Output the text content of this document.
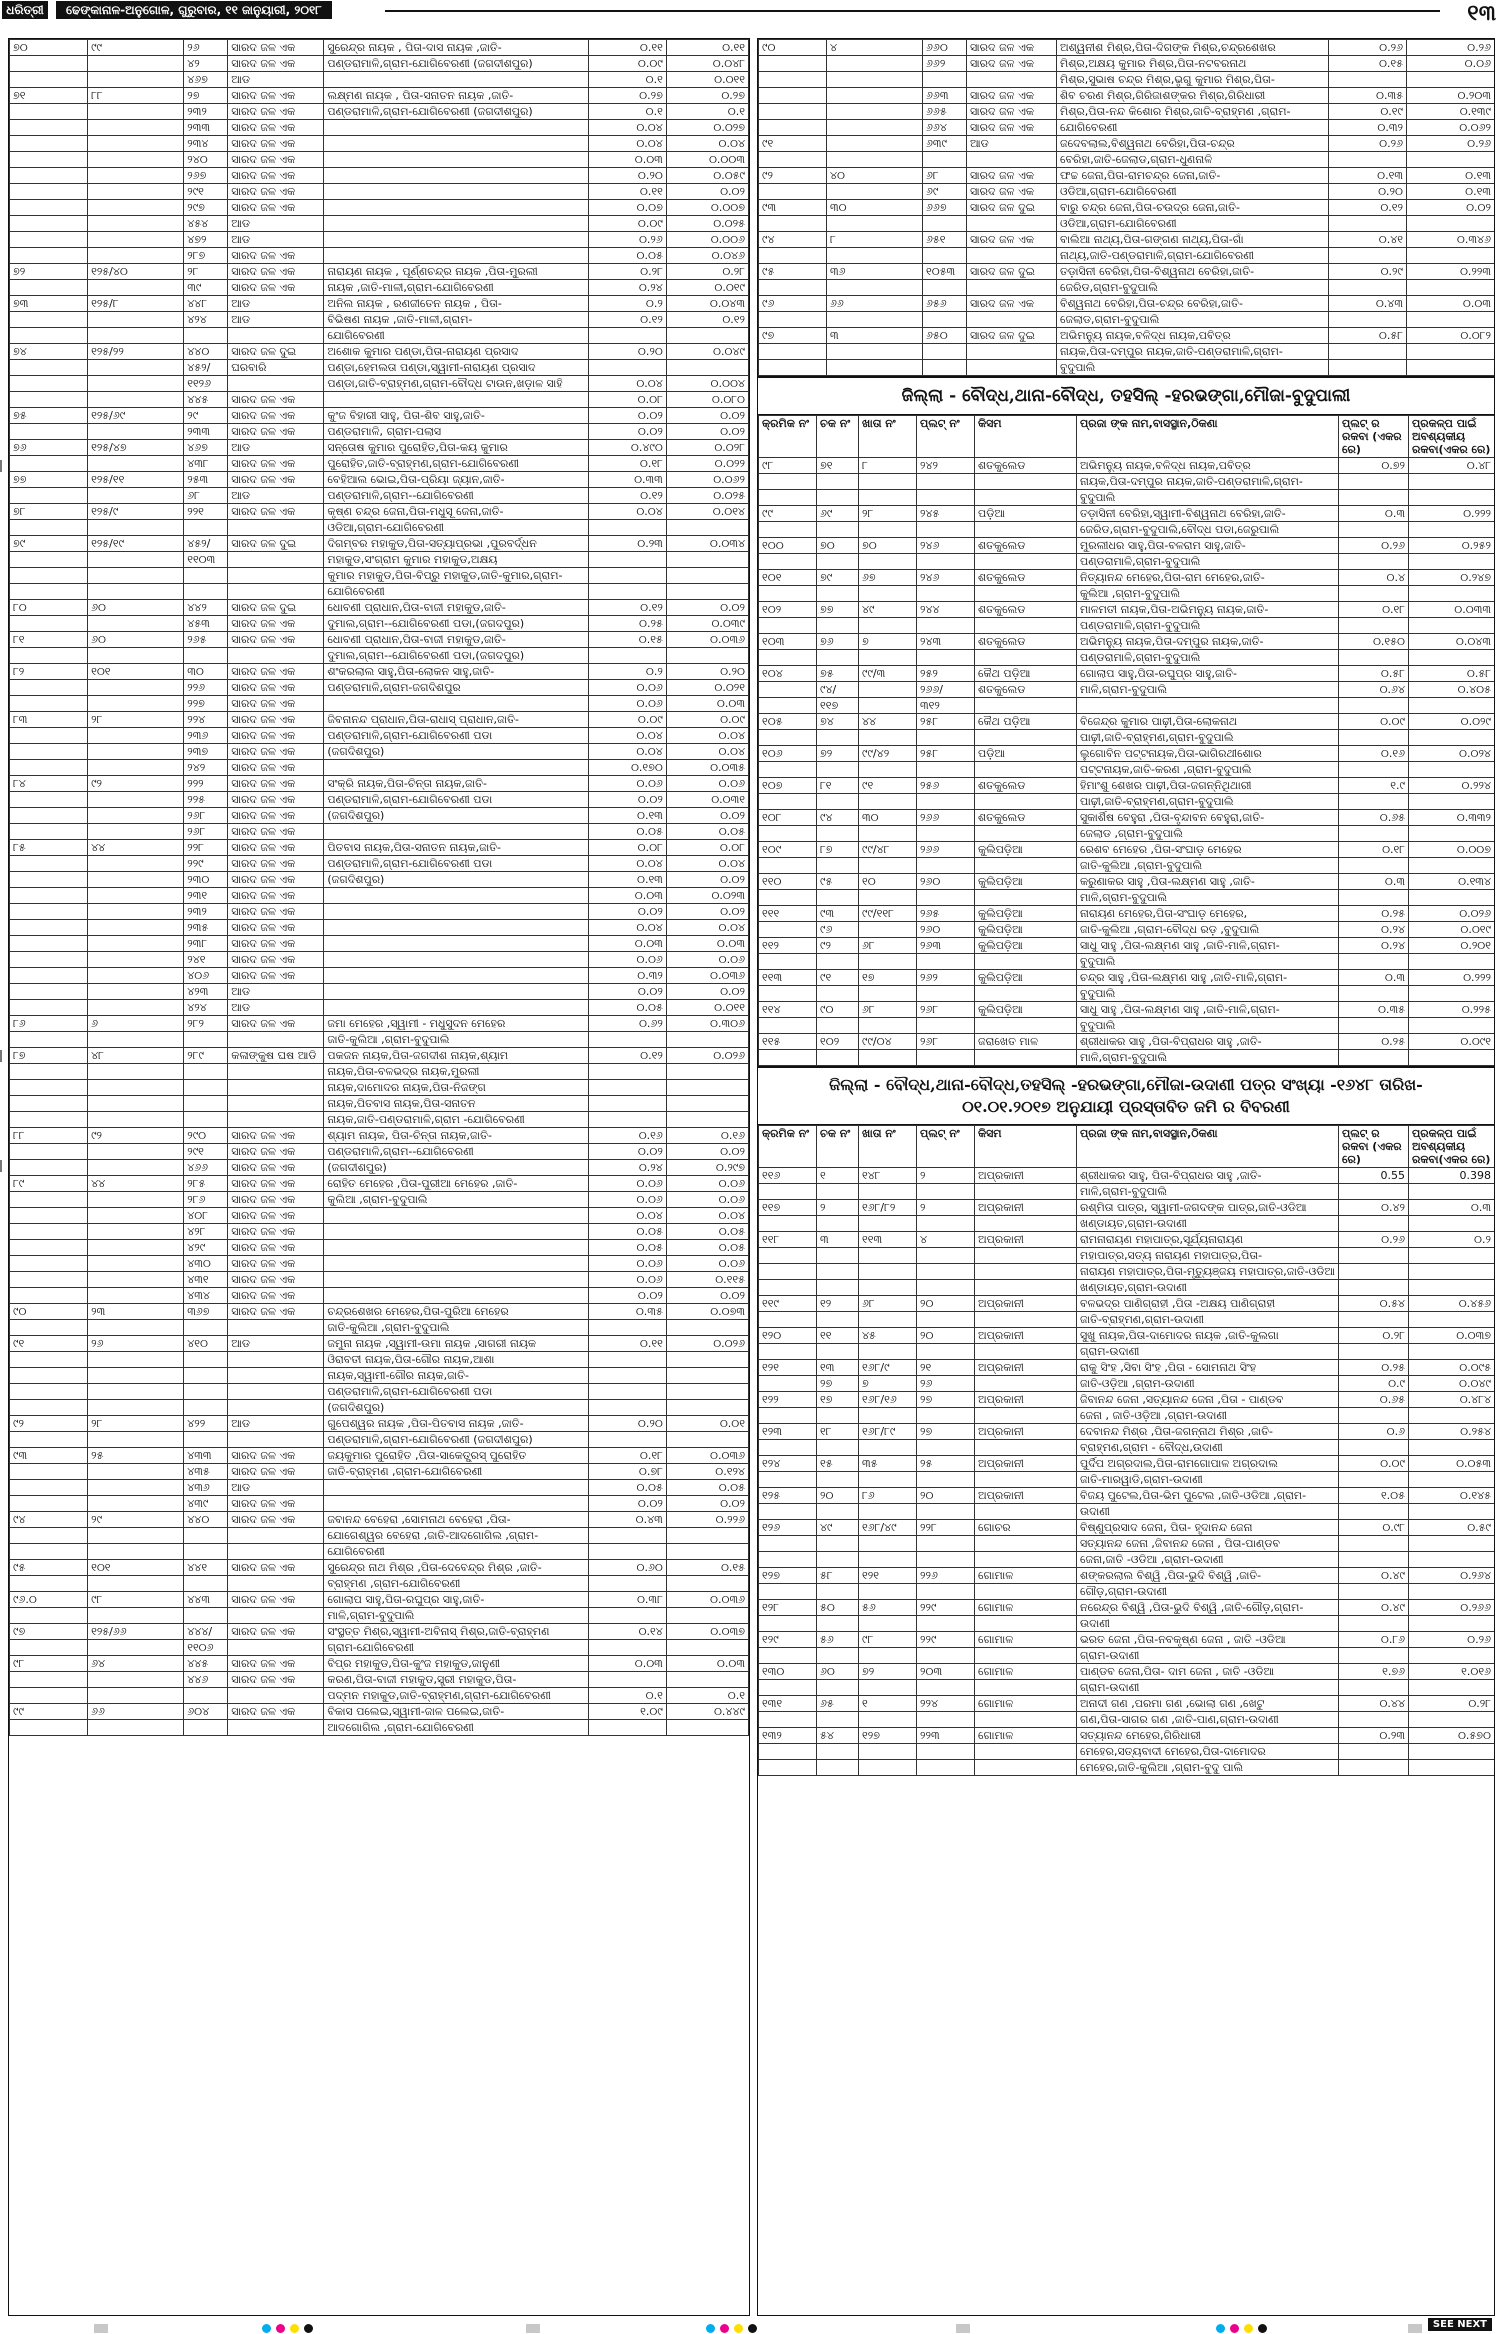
ଧରିତ୍ରୀ	ଢେଙ୍କାନାଳ-ଅନୁଗୋଳ, ଗୁରୁବାର, ୧୧ ଜାନୁୟାରୀ, ୨୦୧୮	୧୩
୭୦	୯୯	୨୬	ସାରଦ ଜଳ ଏକ	ସୁରେନ୍ଦ୍ର ନାୟକ , ପିତା-ଦାସ ନାୟକ ,ଜାତି-	୦.୧୧	୦.୧୧
		୪୨	ସାରଦ ଜଳ ଏକ	ପଣ୍ଡରାମାଳି,ଗ୍ରାମ-ଯୋଗିବେରଣୀ (ଜଗଦୀଶପୁର)	୦.୦୯	୦.୦୪୮
		୪୬୭	ଆଡ		୦.୧	୦.୦୧୧
୭୧	୮୮	୨୭	ସାରଦ ଜଳ ଏକ	ଲକ୍ଷ୍ମଣ ନାୟକ , ପିତା-ସନାତନ ନାୟକ ,ଜାତି-	୦.୨୭	୦.୨୭
		୨୩୨	ସାରଦ ଜଳ ଏକ	ପଣ୍ଡରାମାଳି,ଗ୍ରାମ-ଯୋଗିବେରଣୀ (ଜଗଦୀଶପୁର)	୦.୧	୦.୧
		୨୩୩	ସାରଦ ଜଳ ଏକ		୦.୦୪	୦.୦୨୭
		୨୩୪	ସାରଦ ଜଳ ଏକ		୦.୦୪	୦.୦୪
		୨୪୦	ସାରଦ ଜଳ ଏକ		୦.୦୩	୦.୦୦୩
		୨୬୭	ସାରଦ ଜଳ ଏକ		୦.୨୦	୦.୦୫୯
		୨୯୧	ସାରଦ ଜଳ ଏକ		୦.୧୧	୦.୦୨
		୨୯୭	ସାରଦ ଜଳ ଏକ		୦.୦୭	୦.୦୦୭
		୪୫୪	ଆଡ		୦.୦୯	୦.୦୨୫
		୪୭୨	ଆଡ		୦.୨୬	୦.୦୦୬
		୨୮୭	ସାରଦ ଜଳ ଏକ		୦.୦୫	୦.୦୪୬
୭୨	୧୨୫/୪୦	୨୮	ସାରଦ ଜଳ ଏକ	ନାରାୟଣ ନାୟକ , ପୂର୍ଣ୍ଣଚନ୍ଦ୍ର ନାୟକ ,ପିତା-ମୁରଲୀ	୦.୨୮	୦.୨୮
		୩୯	ସାରଦ ଜଳ ଏକ	ନାୟକ ,ଜାତି-ମାଳୀ,ଗ୍ରାମ-ଯୋଗିବେରଣୀ	୦.୨୪	୦.୦୧୯
୭୩	୧୨୫/୮	୪୪୮	ଆଡ	ଅନିଲ ନାୟକ , ରଣଜୀତେନ ନାୟକ , ପିତା-	୦.୨	୦.୦୪୩
		୪୨୪	ଆଡ	ବିଭିଷଣ ନାୟକ ,ଜାତି-ମାଳୀ,ଗ୍ରାମ-	୦.୧୨	୦.୧୨
				ଯୋଗିବେରଣୀ		
୭୪	୧୨୫/୨୨	୪୪୦	ସାରଦ ଜଳ ଦୁଇ	ଅଶୋକ କୁମାର ପଣ୍ଡା,ପିତା-ନାରାୟଣ ପ୍ରସାଦ	୦.୨୦	୦.୦୪୯
		୪୫୨/	ଘରବାରି	ପଣ୍ଡା,ହେମଲତା ପଣ୍ଡା,ସ୍ୱାମୀ-ନାରାୟଣ ପ୍ରସାଦ		
		୧୧୨୬		ପଣ୍ଡା,ଜାତି-ବ୍ରାହ୍ମଣ,ଗ୍ରାମ-ବୌଦ୍ଧ ଟାଉନ,ଖଡ଼ାଳ ସାହି	୦.୦୪	୦.୦୦୪
		୪୪୫	ସାରଦ ଜଳ ଏକ		୦.୦୮	୦.୦୮୦
୭୫	୧୨୫/୬୯	୨୯	ସାରଦ ଜଳ ଏକ	କୁଂଜ ବିହାରୀ ସାହୁ, ପିତା-ଶିବ ସାହୁ,ଜାତି-	୦.୦୨	୦.୦୨
		୨୩୩	ସାରଦ ଜଳ ଏକ	ପଣ୍ଡରାମାଳି, ଗ୍ରାମ-ପଲାସ	୦.୦୨	୦.୦୨
୭୬	୧୨୫/୪୭	୪୬୭	ଆଡ	ସନ୍ତୋଷ କୁମାର ପୁରୋହିତ,ପିତା-କୟ କୁମାର	୦.୪୯୦	୦.୦୨୮
		୪୩୮	ସାରଦ ଜଳ ଏକ	ପୁରୋହିତ,ଜାତି-ବ୍ରାହ୍ମଣ,ଗ୍ରାମ-ଯୋଗିବେରଣୀ	୦.୧୮	୦.୦୨୨
୭୭	୧୨୫/୧୧	୨୫୩	ସାରଦ ଜଳ ଏକ	ବେହିଆଲ ଭୋଇ,ପିତା-ପ୍ରିୟା ଜ୍ୟାନ,ଜାତି-	୦.୩୩	୦.୦୬୨
		୬୮	ଆଡ	ପଣ୍ଡରାମାଳି,ଗ୍ରାମ--ଯୋଗିବେରଣୀ	୦.୧୨	୦.୦୨୫
୭୮	୧୨୫/୯	୨୨୧	ସାରଦ ଜଳ ଏକ	କୃଷ୍ଣ ଚନ୍ଦ୍ର ଜେନା,ପିତା-ମଧୁସୂ ଜେନା,ଜାତି-	୦.୦୪	୦.୦୧୪
				ଓଡିଆ,ଗ୍ରାମ-ଯୋଗିବେରଣୀ		
୭୯	୧୨୫/୧୯	୪୫୨/	ସାରଦ ଜଳ ଦୁଇ	ଦିଗମ୍ବର ମହାକୁଡ,ପିତା-ସତ୍ୟାପ୍ରଭା ,ପୁରବର୍ଦ୍ଧନ	୦.୨୩	୦.୦୩୪
		୧୧୦୩		ମହାକୁଡ,ସଂଗ୍ରାମ କୁମାର ମହାକୁଡ,ଅକ୍ଷୟ		
				କୁମାର ମହାକୁଡ,ପିତା-ବିପ୍ରୁ ମହାକୁଡ,ଜାତି-କୁମାର,ଗ୍ରାମ-		
				ଯୋଗିବେରଣୀ		
୮୦	୬୦	୪୪୨	ସାରଦ ଜଳ ଦୁଇ	ଧୋବଣୀ ପ୍ରାଧାନ,ପିତା-ବାଜୀ ମହାକୁଡ,ଜାତି-	୦.୧୨	୦.୦୨
		୪୫୩	ସାରଦ ଜଳ ଏକ	ଦୁମାଲ,ଗ୍ରାମ--ଯୋଗିବେରଣୀ ପଡା,(ଜଗଦପୁର)	୦.୨୫	୦.୦୩୯
୮୧	୬୦	୨୬୫	ସାରଦ ଜଳ ଏକ	ଧୋବଣୀ ପ୍ରାଧାନ,ପିତା-ବାଜୀ ମହାକୁଡ,ଜାତି-	୦.୧୫	୦.୦୩୬
				ଦୁମାଲ,ଗ୍ରାମ--ଯୋଗିବେରଣୀ ପଡା,(ଜଗଦପୁର)		
୮୨	୧୦୧	୩୦	ସାରଦ ଜଳ ଏକ	ଶଂକରଲାଲ ସାହୁ,ପିତା-ଲୋକନ ସାହୁ,ଜାତି-	୦.୨	୦.୨୦
		୨୨୬	ସାରଦ ଜଳ ଏକ	ପଣ୍ଡରାମାଳି,ଗ୍ରାମ-ଜଗଦିଶପୁର	୦.୦୬	୦.୦୨୧
		୨୨୭	ସାରଦ ଜଳ ଏକ		୦.୦୬	୦.୦୩
୮୩	୨୮	୨୨୪	ସାରଦ ଜଳ ଏକ	ଜିବନାନନ୍ଦ ପ୍ରାଧାନ,ପିତା-ରାଧାସ୍ ପ୍ରାଧାନ,ଜାତି-	୦.୦୯	୦.୦୯
		୨୩୬	ସାରଦ ଜଳ ଏକ	ପଣ୍ଡରାମାଳି,ଗ୍ରାମ-ଯୋଗିବେରଣୀ ପଡା	୦.୦୪	୦.୦୪
		୨୩୭	ସାରଦ ଜଳ ଏକ	(ଜଗଦିଶପୁର)	୦.୦୪	୦.୦୪
		୨୪୨	ସାରଦ ଜଳ ଏକ		୦.୧୭୦	୦.୦୩୫
୮୪	୯୨	୨୨୨	ସାରଦ ଜଳ ଏକ	ସଂକ୍ରି ନାୟକ,ପିତା-ଚିନ୍ତା ନାୟକ,ଜାତି-	୦.୦୬	୦.୦୬
		୨୨୫	ସାରଦ ଜଳ ଏକ	ପଣ୍ଡରାମାଳି,ଗ୍ରାମ-ଯୋଗିବେରଣୀ ପଡା	୦.୦୨	୦.୦୩୧
		୨୬୮	ସାରଦ ଜଳ ଏକ	(ଜଗଦିଶପୁର)	୦.୧୩	୦.୦୨
		୨୬୮	ସାରଦ ଜଳ ଏକ		୦.୦୫	୦.୦୫
୮୫	୪୪	୨୨୮	ସାରଦ ଜଳ ଏକ	ପିତବାସ ନାୟକ,ପିତା-ସନାତନ ନାୟକ,ଜାତି-	୦.୦୮	୦.୦୮
		୨୨୯	ସାରଦ ଜଳ ଏକ	ପଣ୍ଡରାମାଳି,ଗ୍ରାମ-ଯୋଗିବେରଣୀ ପଡା	୦.୦୪	୦.୦୪
		୨୩୦	ସାରଦ ଜଳ ଏକ	(ଜଗଦିଶପୁର)	୦.୧୩	୦.୦୨
		୨୩୧	ସାରଦ ଜଳ ଏକ		୦.୦୩	୦.୦୨୩
		୨୩୨	ସାରଦ ଜଳ ଏକ		୦.୦୨	୦.୦୨
		୨୩୫	ସାରଦ ଜଳ ଏକ		୦.୦୪	୦.୦୪
		୨୩୮	ସାରଦ ଜଳ ଏକ		୦.୦୩	୦.୦୩
		୨୪୧	ସାରଦ ଜଳ ଏକ		୦.୦୬	୦.୦୬
		୪୦୬	ସାରଦ ଜଳ ଏକ		୦.୩୨	୦.୦୩୬
		୪୨୩	ଆଡ		୦.୦୨	୦.୦୨
		୪୨୪	ଆଡ		୦.୦୫	୦.୦୧୧
୮୬	୬	୨୮୨	ସାରଦ ଜଳ ଏକ	ଜମା ମେହେର ,ସ୍ୱାମୀ - ମଧୁସୁଦନ ମେହେର	୦.୬୨	୦.୩୦୬
				ଜାତି-କୁଲିଆ ,ଗ୍ରାମ-ବୁଦୁପାଲି		
୮୭	୪୮	୨୮୯	କଳାଙ୍କୁଷ ଘଷ ଆଡି	ପକଜନ ନାୟକ,ପିତା-ଜଗଦୀଶ ନାୟକ,ଶ୍ୟାମ	୦.୧୨	୦.୦୨୬
				ନାୟକ,ପିତା-ବଳଭଦ୍ର ନାୟକ,ମୁରଲୀ		
				ନାୟକ,ଦାମୋଦର ନାୟକ,ପିତା-ନିଜଙ୍ଗ		
				ନାୟକ,ପିତବାସ ନାୟକ,ପିତା-ସନାତନ		
				ନାୟକ,ଜାତି-ପଣ୍ଡରାମାଳି,ଗ୍ରାମ -ଯୋଗିବେରଣୀ		
୮୮	୯୨	୨୯୦	ସାରଦ ଜଳ ଏକ	ଶ୍ୟାମ ନାୟକ, ପିତା-ଚିନ୍ତା ନାୟକ,ଜାତି-	୦.୧୬	୦.୧୬
		୨୯୧	ସାରଦ ଜଳ ଏକ	ପଣ୍ଡରାମାଳି,ଗ୍ରାମ--ଯୋଗିବେରଣୀ	୦.୦୨	୦.୦୨
		୪୬୬	ସାରଦ ଜଳ ଏକ	(ଜଗଦୀଶପୁର)	୦.୨୪	୦.୨୯୭
୮୯	୪୪	୨୮୫	ସାରଦ ଜଳ ଏକ	ରୋହିତ ମେହେର ,ପିତା-ପୁରୀଆ ମେହେର ,ଜାତି-	୦.୦୬	୦.୦୬
		୨୮୬	ସାରଦ ଜଳ ଏକ	କୁଲିଆ ,ଗ୍ରାମ-ବୁଦୁପାଲି	୦.୦୬	୦.୦୬
		୪୦୮	ସାରଦ ଜଳ ଏକ		୦.୦୪	୦.୦୪
		୪୨୮	ସାରଦ ଜଳ ଏକ		୦.୦୫	୦.୦୫
		୪୨୯	ସାରଦ ଜଳ ଏକ		୦.୦୫	୦.୦୫
		୪୩୦	ସାରଦ ଜଳ ଏକ		୦.୦୬	୦.୦୬
		୪୩୧	ସାରଦ ଜଳ ଏକ		୦.୦୬	୦.୧୧୫
		୪୩୪	ସାରଦ ଜଳ ଏକ		୦.୦୨	୦.୦୨
୯୦	୨୩	୩୬୭	ସାରଦ ଜଳ ଏକ	ଚନ୍ଦ୍ରଶେଖର ମେହେର,ପିତା-ପୁରିଆ ମେହେର	୦.୩୫	୦.୦୭୩
				ଜାତି-କୁଲିଆ ,ଗ୍ରାମ-ବୁଦୁପାଲି		
୯୧	୨୬	୪୧୦	ଆଡ	ଜମୁନା ନାୟକ ,ସ୍ୱାମୀ-ଉମା ନାୟକ ,ସାଗରୀ ନାୟକ	୦.୧୧	୦.୦୨୬
				ଓିରାବତୀ ନାୟକ,ପିତା-ଗୌର ନାୟକ,ଆଶା		
				ନାୟକ,ସ୍ୱାମୀ-ଗୌର ନାୟକ,ଜାତି-		
				ପଣ୍ଡରାମାଳି,ଗ୍ରାମ-ଯୋଗିବେରଣୀ ପଡା		
				(ଜଗଦିଶପୁର)		
୯୨	୨୮	୪୨୨	ଆଡ	ଗୁପେଶ୍ୱର ନାୟକ ,ପିତା-ପିତବାସ ନାୟକ ,ଜାତି-	୦.୨୦	୦.୦୧
				ପଣ୍ଡରାମାଳି,ଗ୍ରାମ-ଯୋଗିବେରଣୀ (ଜଗଦୀଶପୁର)		
୯୩	୨୫	୪୩୩	ସାରଦ ଜଳ ଏକ	ଜୟକୁମାର ପୁରୋହିତ ,ପିତା-ସାକେତ୍ପ୍ରସ୍ ପୁରୋହିତ	୦.୧୮	୦.୦୩୬
		୪୩୫	ସାରଦ ଜଳ ଏକ	ଜାତି-ବ୍ରାହ୍ମଣ ,ଗ୍ରାମ-ଯୋଗିବେରଣୀ	୦.୭୮	୦.୧୨୪
		୪୩୬	ଆଡ		୦.୦୫	୦.୦୫
		୪୩୯	ସାରଦ ଜଳ ଏକ		୦.୦୨	୦.୦୨
୯୪	୨୯	୪୪୦	ସାରଦ ଜଳ ଏକ	ଜବାନନ୍ଦ ବେହେରା ,ସୋମନାଥ ବେହେରା ,ପିତା-	୦.୪୩	୦.୨୨୬
				ଯୋଗେଶ୍ୱର ବେହେରା ,ଜାତି-ଆଦଗୋଗିଲ ,ଗ୍ରାମ-		
				ଯୋଗିବେରଣୀ		
୯୫	୧୦୧	୪୪୧	ସାରଦ ଜଳ ଏକ	ସୁରେନ୍ଦ୍ର ନାଥ ମିଶ୍ର ,ପିତା-ଦେବେନ୍ଦ୍ର ମିଶ୍ର ,ଜାତି-	୦.୬୦	୦.୧୫
				ବ୍ରାହ୍ମଣ ,ଗ୍ରାମ-ଯୋଗିବେରଣୀ		
୯୬.୦	୯୮	୪୪୩	ସାରଦ ଜଳ ଏକ	ଗୋଲାପ ସାହୁ,ପିତା-ରଘୁପ୍ର ସାହୁ,ଜାତି-	୦.୩୮	୦.୦୩୬
				ମାଳି,ଗ୍ରାମ-ବୁଦୁପାଲି		
୯୭	୧୨୫/୬୬	୪୪୪/	ସାରଦ ଜଳ ଏକ	ସଂସ୍ଥତ୍ତ ମିଶ୍ର,ସ୍ୱାମୀ-ଅବିନାସ୍ ମିଶ୍ର,ଜାତି-ବ୍ରାହ୍ମଣ	୦.୧୪	୦.୦୩୭
		୧୧୦୬		ଗ୍ରାମ-ଯୋଗିବେରଣୀ		
୯୮	୬୪	୪୪୫	ସାରଦ ଜଳ ଏକ	ବିପ୍ର ମହାକୁଡ,ପିତା-କୁଂଜ ମହାକୁଡ,ଜାନୁଣୀ	୦.୦୩	୦.୦୩
		୪୪୬	ସାରଦ ଜଳ ଏକ	କରଣ,ପିତା-ବାଜୀ ମହାକୁଡ,ସ୍ତ୍ରୀ ମହାକୁଡ,ପିତା-		
				ପଦ୍ମନ ମହାକୁଡ,ଜାତି-ବ୍ରାହ୍ମଣ,ଗ୍ରାମ-ଯୋଗିବେରଣୀ	୦.୧	୦.୧
୯୯	୬୬	୬୦୪	ସାରଦ ଜଳ ଏକ	ବିକାସ ପଲେଇ,ସ୍ୱାମୀ-ଜାଳ ପଲେଇ,ଜାତି-	୧.୦୯	୦.୪୪୯
				ଆଦଗୋଗିଲ ,ଗ୍ରାମ-ଯୋଗିବେରଣୀ		
୯୦	୪	୬୬୦	ସାରଦ ଜଳ ଏକ	ଅଶ୍ୱନୀଶ ମିଶ୍ର,ପିତା-ଦିଗଙ୍କ ମିଶ୍ର,ଚନ୍ଦ୍ରଶେଖର	୦.୨୬	୦.୨୬
		୬୬୨	ସାରଦ ଜଳ ଏକ	ମିଶ୍ର,ଅକ୍ଷୟ କୁମାର ମିଶ୍ର,ପିତା-ନଟବରନାଥ	୦.୧୫	୦.୦୬
				ମିଶ୍ର,ସୁଭାଷ ଚନ୍ଦ୍ର ମିଶ୍ର,ଭୃଗୁ କୁମାର ମିଶ୍ର,ପିତା-		
		୬୬୩	ସାରଦ ଜଳ ଏକ	ଶିବ ଚରଣ ମିଶ୍ର,ଗିରିଜାଶଙ୍କର ମିଶ୍ର,ଗିରିଧାରୀ	୦.୩୫	୦.୨୦୩
		୬୬୫	ସାରଦ ଜଳ ଏକ	ମିଶ୍ର,ପିତା-ନନ୍ଦ କିଶୋର ମିଶ୍ର,ଜାତି-ବ୍ରାହ୍ମଣ ,ଗ୍ରାମ-	୦.୧୯	୦.୧୩୯
		୬୬୪	ସାରଦ ଜଳ ଏକ	ଯୋଗିବେରଣୀ	୦.୩୨	୦.୦୬୨
୯୧		୬୩୯	ଆଡ	ଜଦେବଲାଲ,ବିଶ୍ୱନାଥ ବେରିହା,ପିତା-ଚନ୍ଦ୍ର	୦.୨୬	୦.୨୬
				ବେରିହା,ଜାତି-ଜେଲାଡ,ଗ୍ରାମ-ଧୁଣନାଳି		
୯୨	୪୦	୬୮	ସାରଦ ଜଳ ଏକ	ଫଚ୍ଚ ଜେନା,ପିତା-ରାମଚନ୍ଦ୍ର ଜେନା,ଜାତି-	୦.୧୩	୦.୧୩
		୬୯	ସାରଦ ଜଳ ଏକ	ଓଡିଆ,ଗ୍ରାମ-ଯୋଗିବେରଣୀ	୦.୨୦	୦.୧୩
୯୩	୩୦	୬୬୭	ସାରଦ ଜଳ ଦୁଇ	ବାରୁ ଚନ୍ଦ୍ର ଜେନା,ପିତା-ଚଉଦ୍ର ଜେନା,ଜାତି-	୦.୧୨	୦.୦୨
				ଓଡିଆ,ଗ୍ରାମ-ଯୋଗିବେରଣୀ		
୯୪	୮	୬୫୧	ସାରଦ ଜଳ ଏକ	ବାଲିଆ ନାଥ୍ୟ,ପିତା-ଗଙ୍ଗଣ ନାଥ୍ୟ,ପିତା-ଗାଁ	୦.୪୧	୦.୩୪୬
				ନାଥ୍ୟ,ଜାତି-ପଣ୍ଡରାମାଳି,ଗ୍ରାମ-ଯୋଗିବେରଣୀ		
୯୫	୩୬	୧୦୫୩	ସାରଦ ଜଳ ଦୁଇ	ତଡ଼ାସିନୀ ବେରିହା,ପିତା-ବିଶ୍ୱନାଥ ବେରିହା,ଜାତି-	୦.୨୯	୦.୨୨୩
				ଜେରିଡ,ଗ୍ରାମ-ବୁଦୁପାଲି		
୯୬	୬୬	୬୫୬	ସାରଦ ଜଳ ଏକ	ବିଶ୍ୱନାଥ ବେରିହା,ପିତା-ଚନ୍ଦ୍ର ବେରିହା,ଜାତି-	୦.୪୩	୦.୦୩
				ଜେଲାଡ,ଗ୍ରାମ-ବୁଦୁପାଲି		
୯୭	୩	୬୫୦	ସାରଦ ଜଳ ଦୁଇ	ଅଭିମନ୍ୟୁ ନାୟକ,ବଳିଦ୍ଧ ନାୟକ,ପବିତ୍ର	୦.୫୮	୦.୦୮୨
				ନାୟକ,ପିତା-ଦମ୍ପୁର ନାୟକ,ଜାତି-ପଣ୍ଡରାମାଳି,ଗ୍ରାମ-		
				ବୁଦୁପାଲି		
ଜିଲ୍ଲା - ବୌଦ୍ଧ,ଥାନା-ବୌଦ୍ଧ, ତହସିଲ୍ -ହରଭଙ୍ଗା,ମୌଜା-ବୁଦୁପାଲୀ
କ୍ରମିକ ନଂ	ଚକ ନଂ	ଖାତା ନଂ	ପ୍ଲଟ୍ ନଂ	କିସମ	ପ୍ରଜା ଙ୍କ ନାମ,ବାସସ୍ଥାନ,ଠିକଣା	ପ୍ଲଟ୍ ର ରକବା (ଏକର ରେ)	ପ୍ରକଳ୍ପ ପାଇଁ ଅବଶ୍ୟକୀୟ ରକବା(ଏକର ରେ)
୯୮	୭୧	୮	୨୪୨	ଶତକୁଲେଡ	ଅଭିମନ୍ୟୁ ନାୟକ,ବଳିଦ୍ଧ ନାୟକ,ପବିତ୍ର	୦.୭୨	୦.୪୮
					ନାୟକ,ପିତା-ଦମ୍ପୁର ନାୟକ,ଜାତି-ପଣ୍ଡରାମାଳି,ଗ୍ରାମ-		
					ବୁଦୁପାଲି		
୯୯	୬୯	୨୮	୨୪୫	ପଡ଼ିଆ	ତଡ଼ାସିନୀ ବେରିହା,ସ୍ୱାମୀ-ବିଶ୍ୱନାଥ ବେରିହା,ଜାତି-	୦.୩	୦.୨୨୨
					ଜେରିଡ,ଗ୍ରାମ-ବୁଦୁପାଲି,ବୌଦ୍ଧ ପଡା,ଜେରୁପାଲି		
୧୦୦	୭୦	୭୦	୨୪୬	ଶତକୁଲେଡ	ମୁରଲୀଧର ସାହୁ,ପିତା-ବଳରାମ ସାହୁ,ଜାତି-	୦.୨୬	୦.୨୫୨
					ପଣ୍ଡରାମାଳି,ଗ୍ରାମ-ବୁଦୁପାଲି		
୧୦୧	୭୯	୬୭	୨୪୬	ଶତକୁଲେଡ	ନିତ୍ୟାନନ୍ଦ ମେହେର,ପିତା-ରାମ ମେହେର,ଜାତି-	୦.୪	୦.୨୪୭
					କୁଲିଆ ,ଗ୍ରାମ-ବୁଦୁପାଲି		
୧୦୨	୭୭	୪୯	୨୪୪	ଶତକୁଲେଡ	ମାଳମତୀ ନାୟକ,ପିତା-ଅଭିମନ୍ୟୁ ନାୟକ,ଜାତି-	୦.୧୮	୦.୦୩୩
					ପଣ୍ଡରାମାଳି,ଗ୍ରାମ-ବୁଦୁପାଲି		
୧୦୩	୭୬	୭	୨୪୩	ଶତକୁଲେଡ	ଅଭିମନ୍ୟୁ ନାୟକ,ପିତା-ଦମ୍ପୁର ନାୟକ,ଜାତି-	୦.୧୫୦	୦.୦୪୩
					ପଣ୍ଡରାମାଳି,ଗ୍ରାମ-ବୁଦୁପାଲି		
୧୦୪	୭୫	୯୯/୩	୨୫୨	କୈଥ ପଡ଼ିଆ	ଗୋଲାପ ସାହୁ,ପିତା-ରଘୁପ୍ର ସାହୁ,ଜାତି-	୦.୫୮	୦.୫୮
	୯୪/		୨୬୬/	ଶତକୁଲେଡ	ମାଳି,ଗ୍ରାମ-ବୁଦୁପାଲି	୦.୬୪	୦.୪୦୫
	୧୧୭		୩୧୨				
୧୦୫	୭୪	୪୪	୨୫୮	କୈଥ ପଡ଼ିଆ	ବିଜେନ୍ଦ୍ର କୁମାର ପାଢ଼ୀ,ପିତା-ଲୋକନାଥ	୦.୦୯	୦.୦୨୯
					ପାଢ଼ୀ,ଜାତି-ବ୍ରାହ୍ମଣ,ଗ୍ରାମ-ବୁଦୁପାଲି		
୧୦୬	୭୨	୯୯/୪୨	୨୫୮	ପଡ଼ିଆ	ଲୁଗୋବିନ ପଟ୍ଟନାୟକ,ପିତା-ଭାଗିରଥୀଶୋର	୦.୧୬	୦.୦୨୪
					ପଟ୍ଟନାୟକ,ଜାତି-କରଣ ,ଗ୍ରାମ-ବୁଦୁପାଲି		
୧୦୭	୮୧	୯୧	୨୫୬	ଶତକୁଲେଡ	ହିମାଂଶୁ ଶେଖର ପାଢ଼ୀ,ପିତା-ଜଗନ୍ନିଥିଥାରୀ	୧.୯	୦.୨୨୪
					ପାଢ଼ୀ,ଜାତି-ବ୍ରାହ୍ମଣ,ଗ୍ରାମ-ବୁଦୁପାଲି		
୧୦୮	୯୪	୩୦	୨୬୬	ଶତକୁଲେଡ	ସୁକାର୍ଶିଷ ବେହୁରା ,ପିତା-ବୃନ୍ଦାବନ ବେହୁରା,ଜାତି-	୦.୬୫	୦.୩୩୨
					ଜେଲାଡ ,ଗ୍ରାମ-ବୁଦୁପାଲି		
୧୦୯	୮୭	୯୯/୪୮	୨୬୬	କୁଲିପଡ଼ିଆ	ରେଶବ ମେହେର ,ପିତା-ସଂଘାଡ଼ ମେହେର	୦.୧୮	୦.୦୦୭
					ଜାତି-କୁଲିଆ ,ଗ୍ରାମ-ବୁଦୁପାଲି		
୧୧୦	୯୫	୧୦	୨୬୦	କୁଲିପଡ଼ିଆ	କରୁଣାକର ସାହୁ ,ପିତା-ଲକ୍ଷ୍ମଣ ସାହୁ ,ଜାତି-	୦.୩	୦.୧୩୪
					ମାଳି,ଗ୍ରାମ-ବୁଦୁପାଲି		
୧୧୧	୯୩	୯୯/୧୧୮	୨୬୫	କୁଲିପଡ଼ିଆ	ନାରାୟଣ ମେହେର,ପିତା-ସଂଘାଡ଼ ମେହେର,	୦.୨୫	୦.୦୨୬
	୯୬		୨୬୦	କୁଲିପଡ଼ିଆ	ଜାତି-କୁଲିଆ ,ଗ୍ରାମ-ବୌଦ୍ଧ ରଡ଼ ,ବୁଦୁପାଲି	୦.୨୪	୦.୦୧୯
୧୧୨	୯୨	୬୮	୨୬୩	କୁଲିପଡ଼ିଆ	ସାଧୁ ସାହୁ ,ପିତା-ଲକ୍ଷ୍ମଣ ସାହୁ ,ଜାତି-ମାଳି,ଗ୍ରାମ-	୦.୨୪	୦.୨୦୧
					ବୁଦୁପାଲି		
୧୧୩	୯୧	୧୭	୨୬୨	କୁଲିପଡ଼ିଆ	ଚନ୍ଦ୍ର ସାହୁ ,ପିତା-ଲକ୍ଷ୍ମଣ ସାହୁ ,ଜାତି-ମାଳି,ଗ୍ରାମ-	୦.୩	୦.୨୨୨
					ବୁଦୁପାଲି		
୧୧୪	୯୦	୬୮	୨୬୮	କୁଲିପଡ଼ିଆ	ସାଧୁ ସାହୁ ,ପିତା-ଲକ୍ଷ୍ମଣ ସାହୁ ,ଜାତି-ମାଳି,ଗ୍ରାମ-	୦.୩୫	୦.୨୨୫
					ବୁଦୁପାଲି		
୧୧୫	୧୦୨	୯୯/୦୪	୨୬୮	ଜରାଖେତ ମାଳ	ଶ୍ରୀଧାକର ସାହୁ ,ପିତା-ବିପ୍ରାଧର ସାହୁ ,ଜାତି-	୦.୨୫	୦.୦୯୧
					ମାଳି,ଗ୍ରାମ-ବୁଦୁପାଲି		
ଜିଲ୍ଲା - ବୌଦ୍ଧ,ଥାନା-ବୌଦ୍ଧ,ତହସିଲ୍ -ହରଭଙ୍ଗା,ମୌଜା-ଉଦାଣୀ ପତ୍ର ସଂଖ୍ୟା -୧୬୪୮ ତାରିଖ-
୦୧.୦୧.୨୦୧୭ ଅନୁଯାୟୀ ପ୍ରସ୍ତାବିତ ଜମି ର ବିବରଣୀ
କ୍ରମିକ ନଂ	ଚକ ନଂ	ଖାତା ନଂ	ପ୍ଲଟ୍ ନଂ	କିସମ	ପ୍ରଜା ଙ୍କ ନାମ,ବାସସ୍ଥାନ,ଠିକଣା	ପ୍ଲଟ୍ ର ରକବା (ଏକର ରେ)	ପ୍ରକଳ୍ପ ପାଇଁ ଅବଶ୍ୟକୀୟ ରକବା(ଏକର ରେ)
୧୧୬	୧	୧୪୮	୨	ଅପ୍ରକାନୀ	ଶ୍ରୀଧାକର ସାହୁ, ପିତା-ବିପ୍ରାଧର ସାହୁ ,ଜାତି-	0.55	0.398
					ମାଳି,ଗ୍ରାମ-ବୁଦୁପାଲି		
୧୧୭	୨	୧୬୮/୮୨	୨	ଅପ୍ରକାନୀ	ରଶ୍ମିତା ପାତ୍ର, ସ୍ୱାମୀ-ଜଗଦଙ୍କ ପାତ୍ର,ଜାତି-ଓଡିଆ	୦.୪୨	୦.୩
					ଖଣ୍ଡାୟତ,ଗ୍ରାମ-ଉଦାଣୀ		
୧୧୮	୩	୧୧୩	୪	ଅପ୍ରକାନୀ	ରାମନାରାୟଣ ମହାପାତ୍ର,ସୂର୍ଯ୍ୟନାରାୟଣ	୦.୨୬	୦.୨
					ମହାପାତ୍ର,ସତ୍ୟ ନାରାୟଣ ମହାପାତ୍ର,ପିତା-		
					ନାରାୟଣ ମହାପାତ୍ର,ପିତା-ମୃତ୍ୟୁଞ୍ଜୟ ମହାପାତ୍ର,ଜାତି-ଓଡିଆ		
					ଖଣ୍ଡାୟତ,ଗ୍ରାମ-ଉଦାଣୀ		
୧୧୯	୧୨	୬୮	୨୦	ଅପ୍ରକାନୀ	ବଳଭଦ୍ର ପାଣିଗ୍ରାହୀ ,ପିତା -ଅକ୍ଷୟ ପାଣିଗ୍ରାହୀ	୦.୫୪	୦.୪୫୬
					ଜାତି-ବ୍ରାହ୍ମଣ,ଗ୍ରାମ-ଉଦାଣୀ		
୧୨୦	୧୧	୪୫	୨୦	ଅପ୍ରକାନୀ	ସୁଖୁ ନାୟକ,ପିତା-ଦାମୋଦର ନାୟକ ,ଜାତି-କୁଲଗା	୦.୨୮	୦.୦୩୭
					ଗ୍ରାମ-ଉଦାଣୀ		
୧୨୧	୧୩	୧୬୮/୯	୨୧	ଅପ୍ରକାନୀ	ରାକୁ ସିଂହ ,ସିବା ସିଂହ ,ପିତା - ସୋମନାଥ ସିଂହ	୦.୨୫	୦.୦୯୫
	୨୭	୭	୨୬		ଜାତି-ଓଡ଼ିଆ ,ଗ୍ରାମ-ଉଦାଣୀ	୦.୯	୦.୦୪୯
୧୨୨	୧୭	୧୬୮/୧୬	୨୭	ଅପ୍ରକାନୀ	ଜିବାନନ୍ଦ ଜେନା ,ସତ୍ୟାନନ୍ଦ ଜେନା ,ପିତା - ପାଣ୍ଡବ	୦.୬୫	୦.୪୮୪
					ଜେନା , ଜାତି-ଓଡ଼ିଆ ,ଗ୍ରାମ-ଉଦାଣୀ		
୧୨୩	୧୮	୧୬୮/୮୯	୨୭	ଅପ୍ରକାନୀ	ଦେବାନନ୍ଦ ମିଶ୍ର ,ପିତା-ଜଗନ୍ନାଥ ମିଶ୍ର ,ଜାତି-	୦.୬	୦.୨୫୪
					ବ୍ରାହ୍ମଣ,ଗ୍ରାମ - ବୌଦ୍ଧ,ଉଦାଣୀ		
୧୨୪	୧୫	୩୫	୨୫	ଅପ୍ରକାନୀ	ପୁର୍ଦିପ ଅଗ୍ରଦାଲ,ପିତା-ରାମଗୋପାଳ ଅଗ୍ରଦାଲ	୦.୦୯	୦.୦୫୩
					ଜାତି-ମାରୱାଡି,ଗ୍ରାମ-ଉଦାଣୀ		
୧୨୫	୨୦	୮୬	୨୦	ଅପ୍ରକାନୀ	ବିଜୟ ପୁଟେଲ,ପିତା-ଭିମ ପୁଟେଲ ,ଜାତି-ଓଡିଆ ,ଗ୍ରାମ-	୧.୦୫	୦.୧୪୫
					ଉଦାଣୀ		
୧୨୬	୪୯	୧୬୮/୪୯	୨୨୮	ଗୋଚର	ବିଷ୍ଣୁପ୍ରସାଦ ଜେନା, ପିତା- ହୃଦାନନ୍ଦ ଜେନା	୦.୯୮	୦.୫୯
					ସତ୍ୟାନନ୍ଦ ଜେନା ,ଜିବାନନ୍ଦ ଜେନା , ପିତା-ପାଣ୍ଡବ		
					ଜେନା,ଜାତି -ଓଡିଆ ,ଗ୍ରାମ-ଉଦାଣୀ		
୧୨୭	୫୮	୧୨୧	୨୨୬	ଗୋମାଳ	ଶଙ୍କରଲାଲ ବିଶ୍ୱି ,ପିତା-ଭୁଦି ବିଶ୍ୱି ,ଜାତି-	୦.୪୯	୦.୨୬୪
					ଗୌଡ଼,ଗ୍ରାମ-ଉଦାଣୀ		
୧୨୮	୫୦	୫୬	୨୨୯	ଗୋମାଳ	ନରେନ୍ଦ୍ର ବିଶ୍ୱି ,ପିତା-ଭୁଦି ବିଶ୍ୱି ,ଜାତି-ଗୌଡ଼,ଗ୍ରାମ-	୦.୪୯	୦.୨୬୬
					ଉଦାଣୀ		
୧୨୯	୫୬	୯୮	୨୨୯	ଗୋମାଳ	ଭରତ ଜେନା ,ପିତା-ନବକୃଷ୍ଣ ଜେନା , ଜାତି -ଓଡିଆ	୦.୮୬	୦.୨୬
					ଗ୍ରାମ-ଉଦାଣୀ		
୧୩୦	୬୦	୭୨	୨୦୩	ଗୋମାଳ	ପାଣ୍ଡବ ଜେନା,ପିତା- ଦାମ ଜେନା , ଜାତି -ଓଡିଆ	୧.୭୬	୧.୦୧୬
					ଗ୍ରାମ-ଉଦାଣୀ		
୧୩୧	୬୫	୧	୨୨୪	ଗୋମାଳ	ଅନାଦୀ ଗଣ ,ପରମା ଗଣ ,ଭୋଲା ଗଣ ,ଖେଟୁ	୦.୪୪	୦.୨୮
					ଗଣ,ପିତା-ସାଗର ଗଣ ,ଜାତି-ପାଣ,ଗ୍ରାମ-ଉଦାଣୀ		
୧୩୨	୫୪	୧୨୭	୨୨୩	ଗୋମାଳ	ସତ୍ୟାନନ୍ଦ ମେହେର,ଗିରିଧାରୀ	୦.୨୩	୦.୫୭୦
					ମେହେର,ସତ୍ୟବାଦୀ ମେହେର,ପିତା-ଦାମୋଦର		
					ମେହେର,ଜାତି-କୁଲିଆ ,ଗ୍ରାମ-ବୁଦୁ ପାଲି		
SEE NEXT
